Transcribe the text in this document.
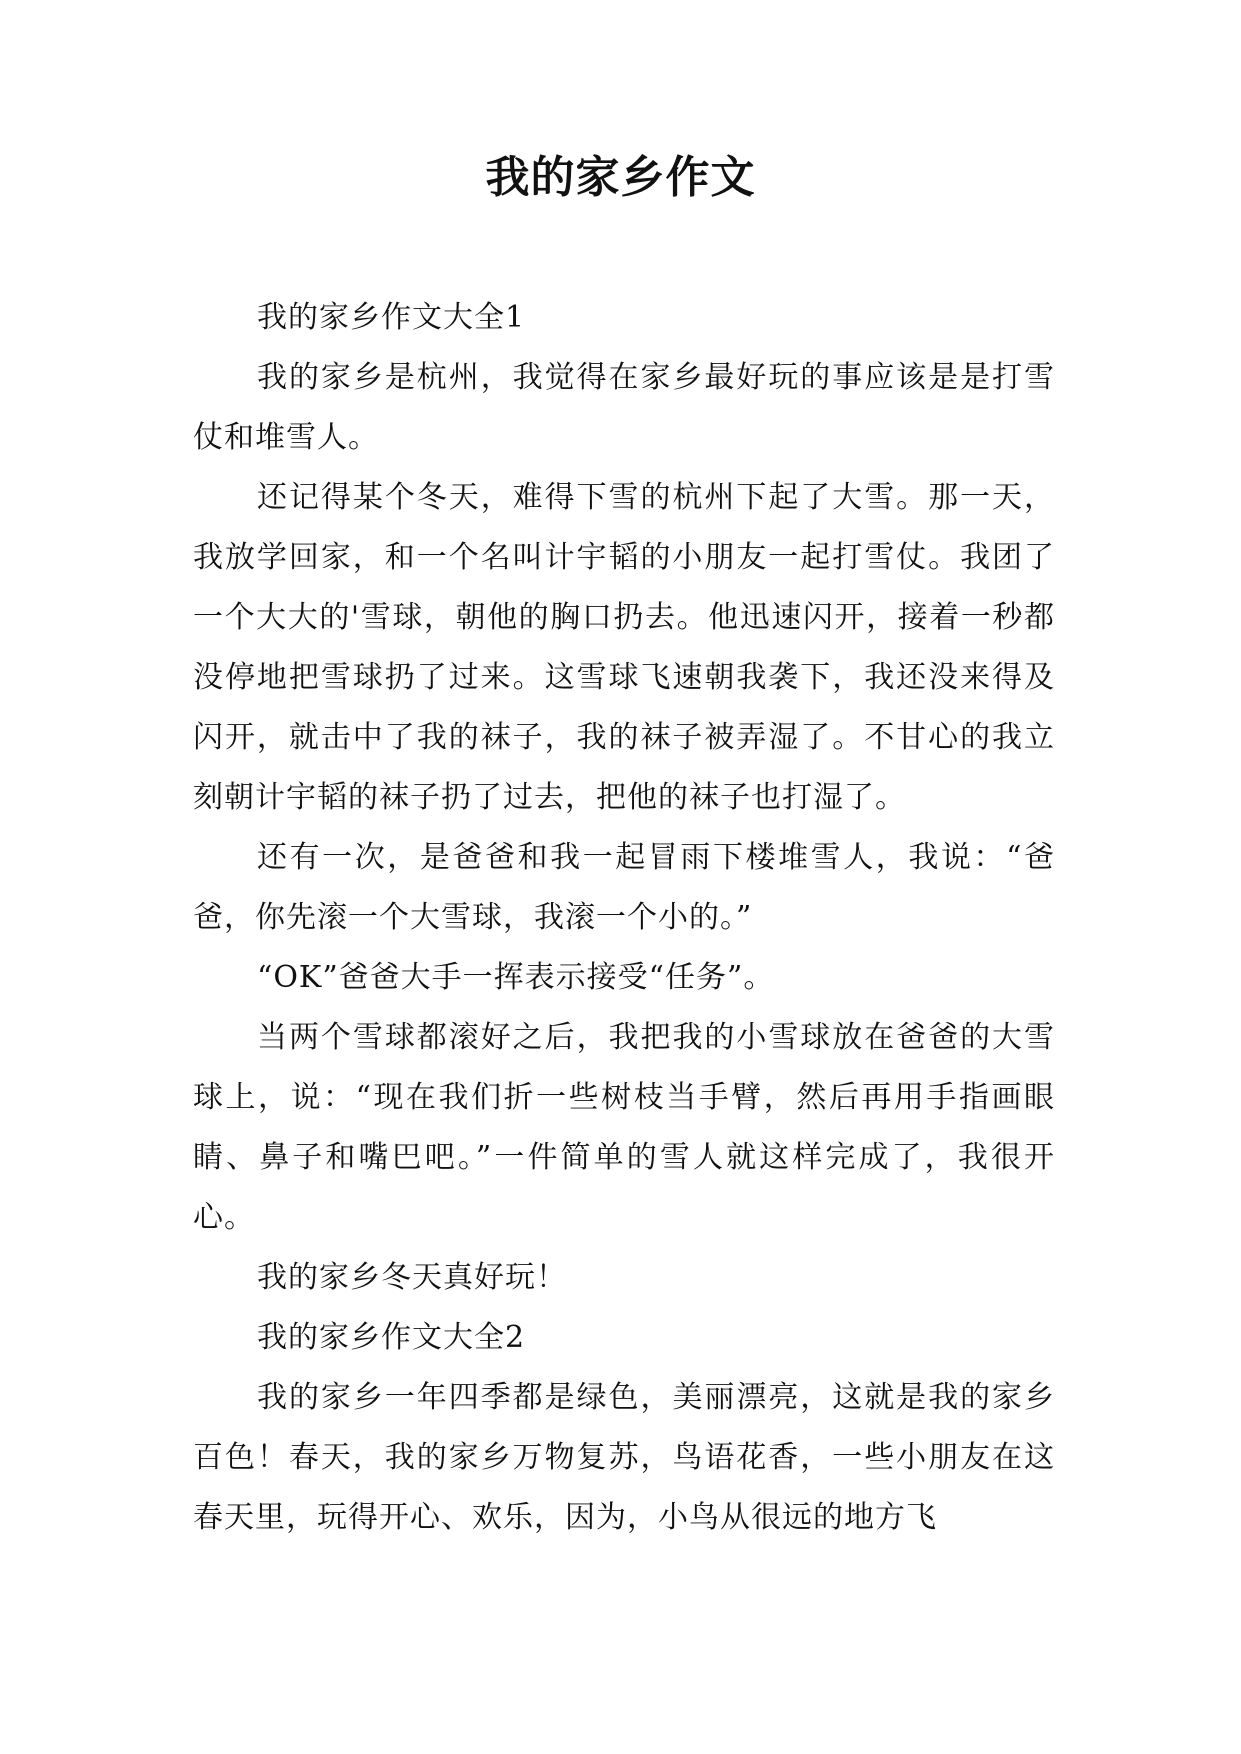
我的家乡作文

我的家乡作文大全1

我的家乡是杭州，我觉得在家乡最好玩的事应该是是打雪仗和堆雪人。

还记得某个冬天，难得下雪的杭州下起了大雪。那一天，我放学回家，和一个名叫计宇韬的小朋友一起打雪仗。我团了一个大大的'雪球，朝他的胸口扔去。他迅速闪开，接着一秒都没停地把雪球扔了过来。这雪球飞速朝我袭下，我还没来得及闪开，就击中了我的袜子，我的袜子被弄湿了。不甘心的我立刻朝计宇韬的袜子扔了过去，把他的袜子也打湿了。

还有一次，是爸爸和我一起冒雨下楼堆雪人，我说：“爸爸，你先滚一个大雪球，我滚一个小的。”

“OK”爸爸大手一挥表示接受“任务”。

当两个雪球都滚好之后，我把我的小雪球放在爸爸的大雪球上，说：“现在我们折一些树枝当手臂，然后再用手指画眼睛、鼻子和嘴巴吧。”一件简单的雪人就这样完成了，我很开心。

我的家乡冬天真好玩！

我的家乡作文大全2

我的家乡一年四季都是绿色，美丽漂亮，这就是我的家乡百色！春天，我的家乡万物复苏，鸟语花香，一些小朋友在这春天里，玩得开心、欢乐，因为，小鸟从很远的地方飞
